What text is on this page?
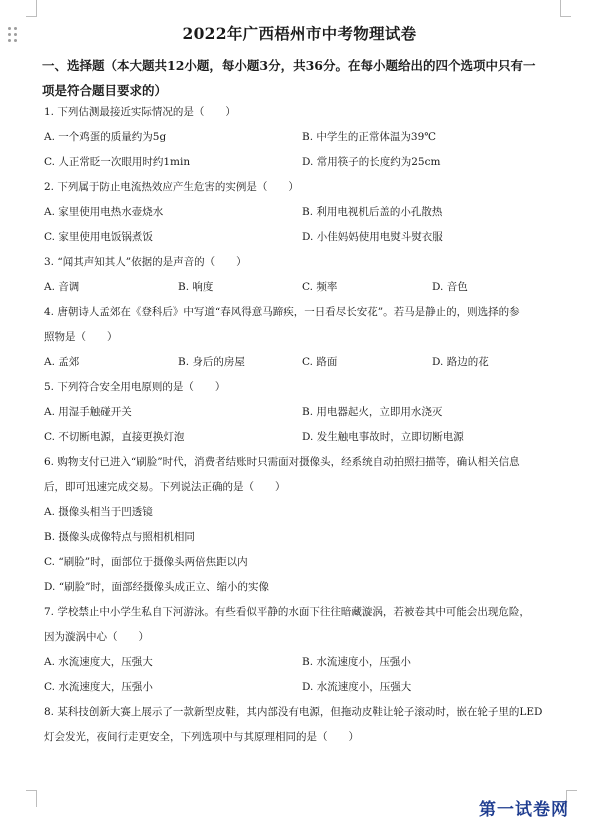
2022年广西梧州市中考物理试卷
一、选择题（本大题共12小题，每小题3分，共36分。在每小题给出的四个选项中只有一
项是符合题目要求的）
1. 下列估测最接近实际情况的是（　　）
A. 一个鸡蛋的质量约为5g	B. 中学生的正常体温为39℃
C. 人正常眨一次眼用时约1min	D. 常用筷子的长度约为25cm
2. 下列属于防止电流热效应产生危害的实例是（　　）
A. 家里使用电热水壶烧水	B. 利用电视机后盖的小孔散热
C. 家里使用电饭锅煮饭	D. 小佳妈妈使用电熨斗熨衣服
3. “闻其声知其人”依据的是声音的（　　）
A. 音调	B. 响度	C. 频率	D. 音色
4. 唐朝诗人孟郊在《登科后》中写道“春风得意马蹄疾，一日看尽长安花”。若马是静止的，则选择的参
照物是（　　）
A. 孟郊	B. 身后的房屋	C. 路面	D. 路边的花
5. 下列符合安全用电原则的是（　　）
A. 用湿手触碰开关	B. 用电器起火，立即用水浇灭
C. 不切断电源，直接更换灯泡	D. 发生触电事故时，立即切断电源
6. 购物支付已进入“刷脸”时代，消费者结账时只需面对摄像头，经系统自动拍照扫描等，确认相关信息
后，即可迅速完成交易。下列说法正确的是（　　）
A. 摄像头相当于凹透镜
B. 摄像头成像特点与照相机相同
C. “刷脸”时，面部位于摄像头两倍焦距以内
D. “刷脸”时，面部经摄像头成正立、缩小的实像
7. 学校禁止中小学生私自下河游泳。有些看似平静的水面下往往暗藏漩涡，若被卷其中可能会出现危险，
因为漩涡中心（　　）
A. 水流速度大，压强大	B. 水流速度小，压强小
C. 水流速度大，压强小	D. 水流速度小，压强大
8. 某科技创新大赛上展示了一款新型皮鞋，其内部没有电源，但拖动皮鞋让轮子滚动时，嵌在轮子里的LED
灯会发光，夜间行走更安全，下列选项中与其原理相同的是（　　）
第一试卷网
